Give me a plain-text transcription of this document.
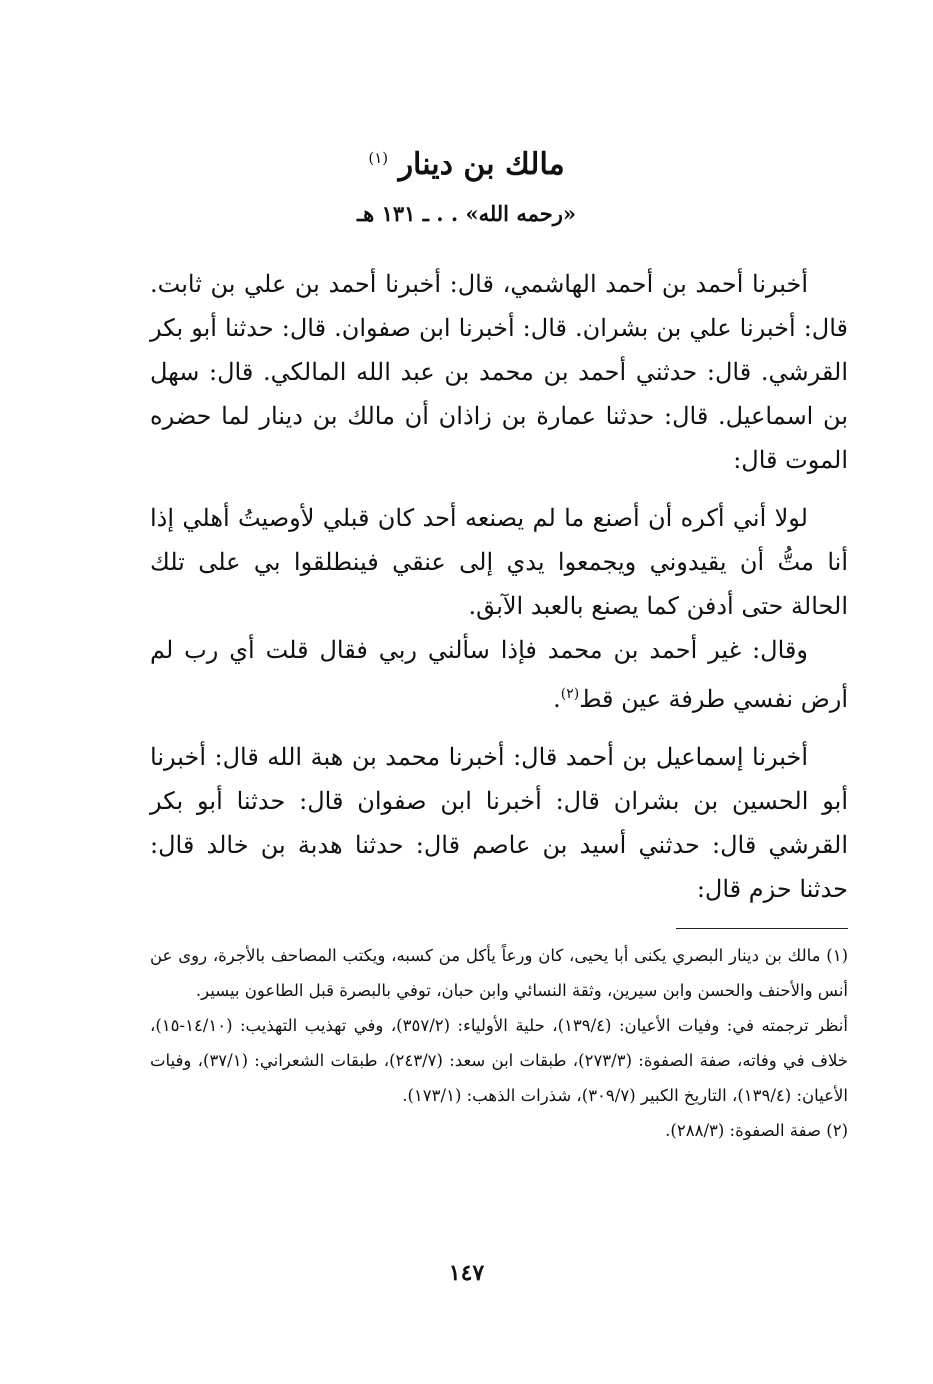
مالك بن دينار $^{(١)}$
«رحمه الله» . . ـ ١٣١ هـ

أخبرنا أحمد بن أحمد الهاشمي، قال: أخبرنا أحمد بن علي بن ثابت. قال: أخبرنا علي بن بشران. قال: أخبرنا ابن صفوان. قال: حدثنا أبو بكر القرشي. قال: حدثني أحمد بن محمد بن عبد الله المالكي. قال: سهل بن اسماعيل. قال: حدثنا عمارة بن زاذان أن مالك بن دينار لما حضره الموت قال:

لولا أني أكره أن أصنع ما لم يصنعه أحد كان قبلي لأوصيتُ أهلي إذا أنا متُّ أن يقيدوني ويجمعوا يدي إلى عنقي فينطلقوا بي على تلك الحالة حتى أدفن كما يصنع بالعبد الآبق.

وقال: غير أحمد بن محمد فإذا سألني ربي فقال قلت أي رب لم أرض نفسي طرفة عين قط$^{(٢)}$.

أخبرنا إسماعيل بن أحمد قال: أخبرنا محمد بن هبة الله قال: أخبرنا أبو الحسين بن بشران قال: أخبرنا ابن صفوان قال: حدثنا أبو بكر القرشي قال: حدثني أسيد بن عاصم قال: حدثنا هدبة بن خالد قال: حدثنا حزم قال:

(١) مالك بن دينار البصري يكنى أبا يحيى، كان ورعاً يأكل من كسبه، ويكتب المصاحف بالأجرة، روى عن أنس والأحنف والحسن وابن سيرين، وثقة النسائي وابن حبان، توفي بالبصرة قبل الطاعون بيسير.

أنظر ترجمته في: وفيات الأعيان: (١٣٩/٤)، حلية الأولياء: (٣٥٧/٢)، وفي تهذيب التهذيب: (١٤/١٠-١٥)، خلاف في وفاته، صفة الصفوة: (٢٧٣/٣)، طبقات ابن سعد: (٢٤٣/٧)، طبقات الشعراني: (٣٧/١)، وفيات الأعيان: (١٣٩/٤)، التاريخ الكبير (٣٠٩/٧)، شذرات الذهب: (١٧٣/١).

(٢) صفة الصفوة: (٢٨٨/٣).

١٤٧
